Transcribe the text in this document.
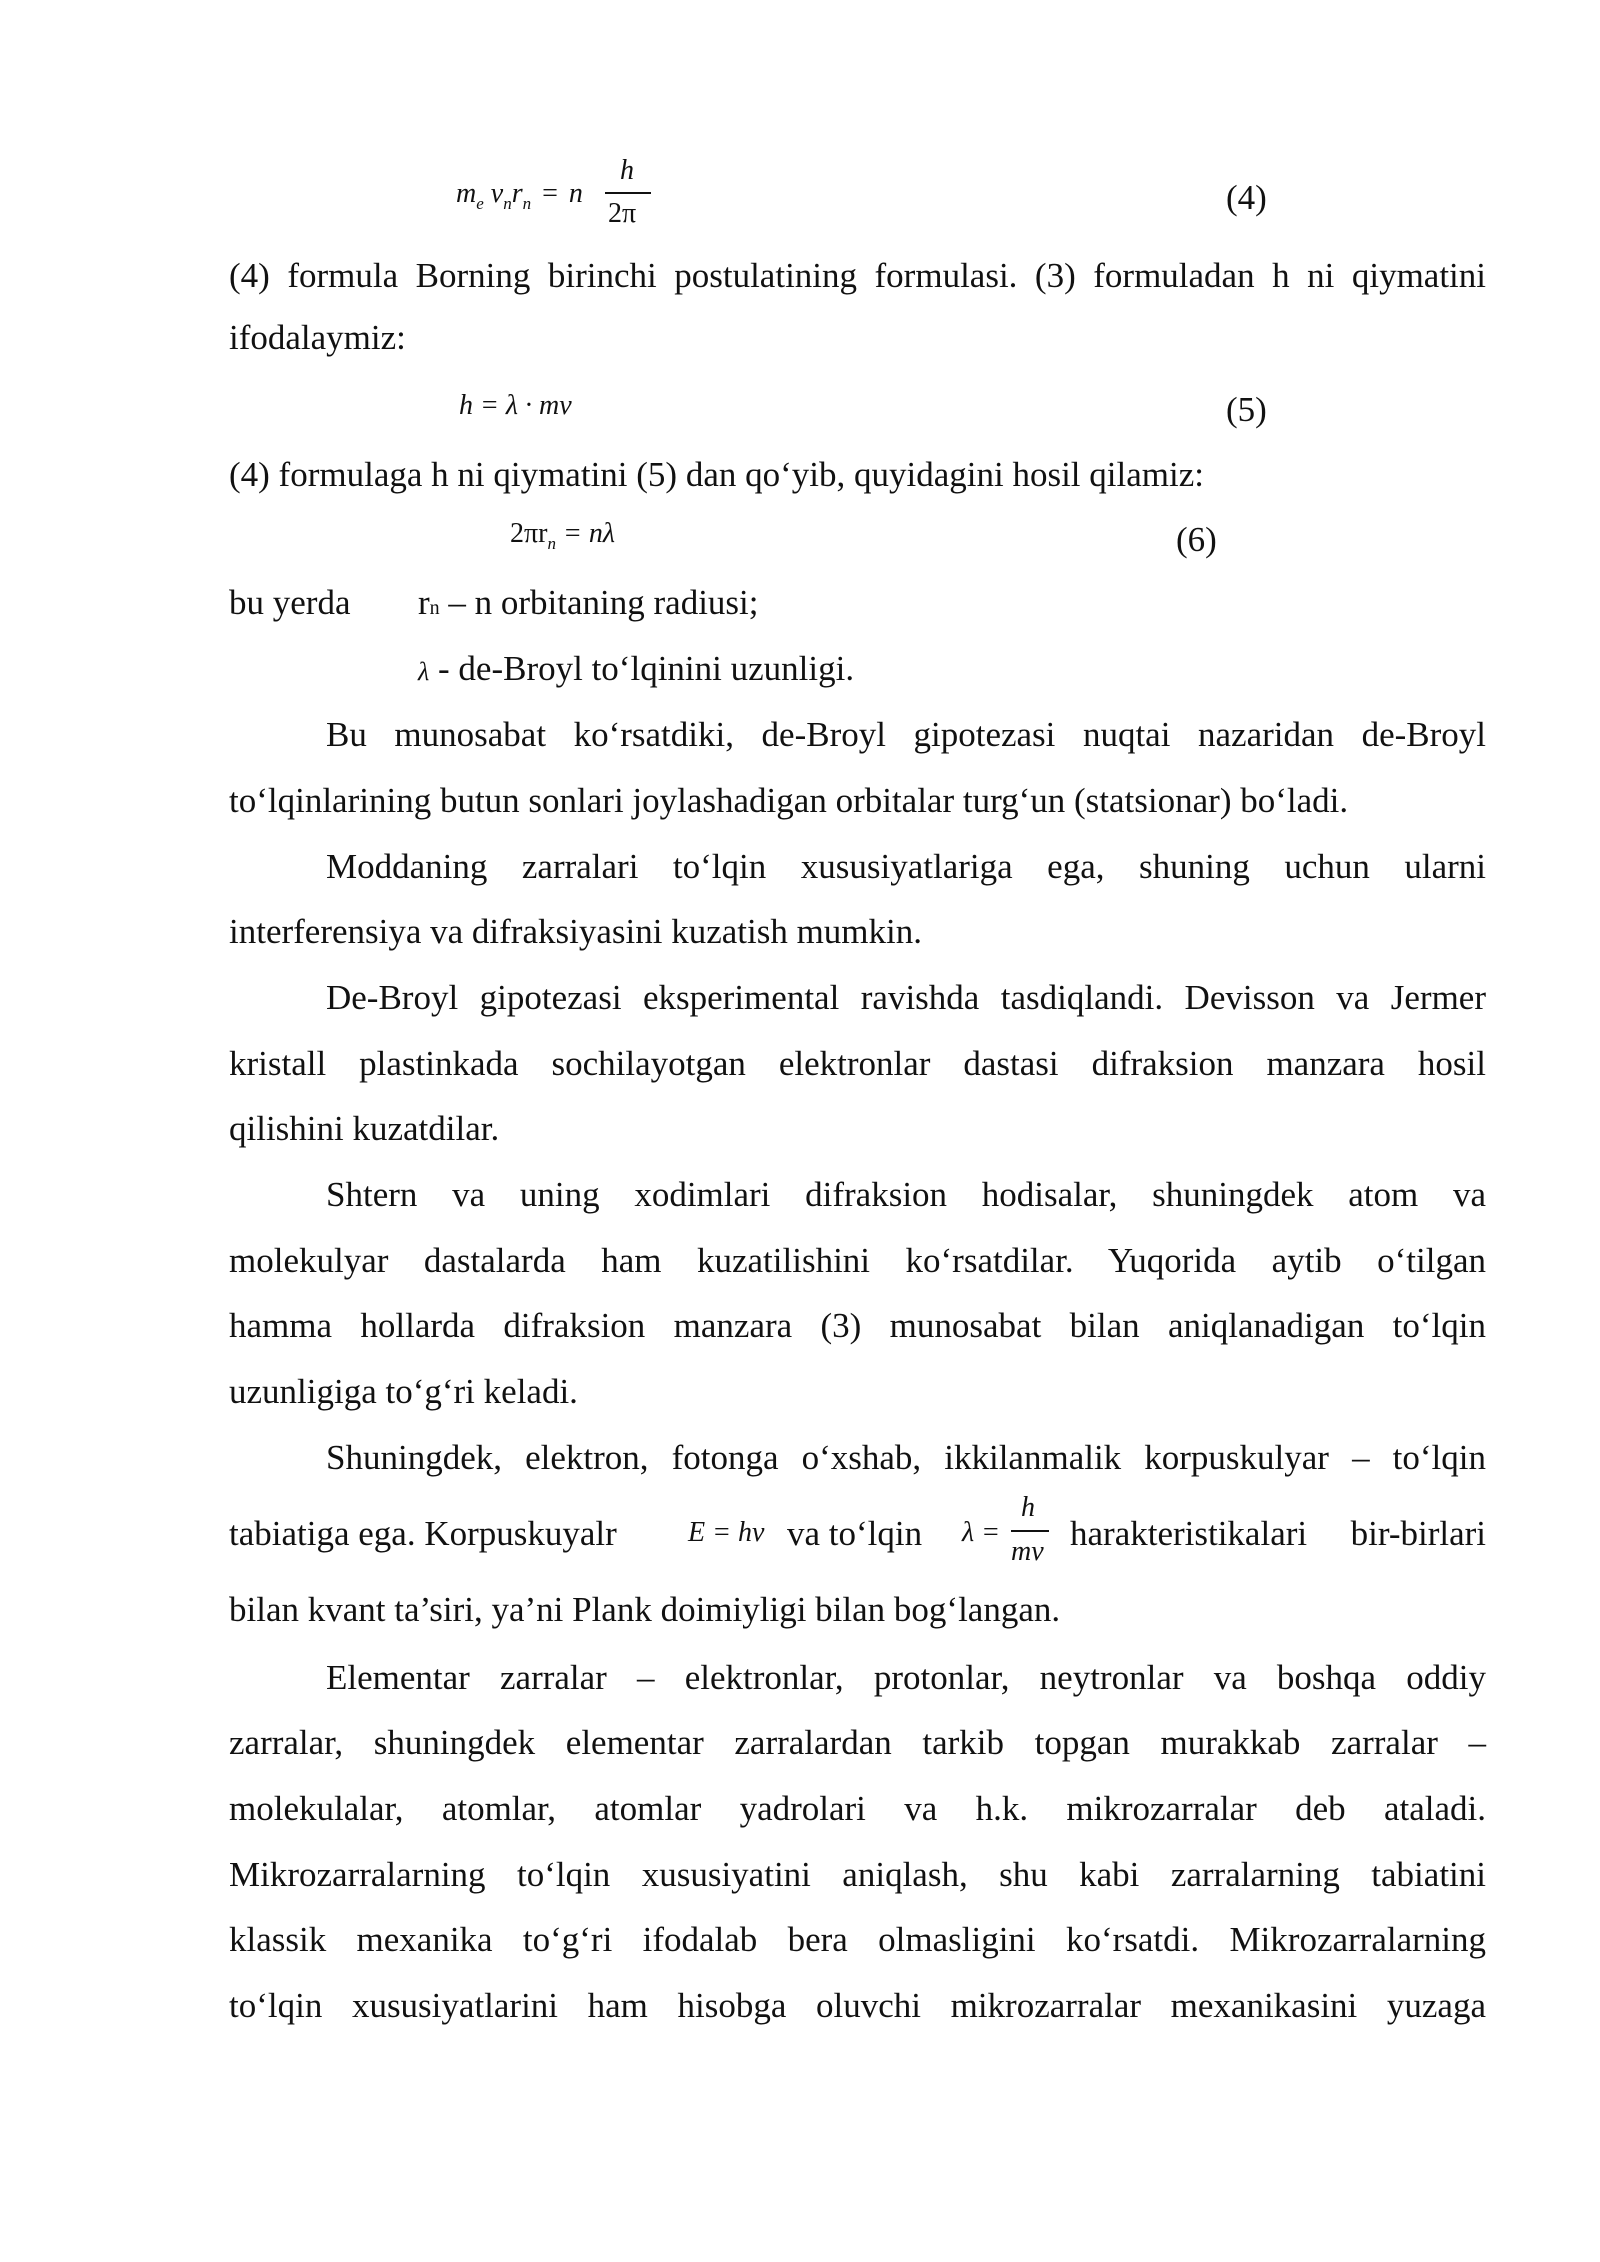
$m_e$ $v_nr_n = n$
h
2π	(4)
(4) formula Borning birinchi postulatining formulasi. (3) formuladan h ni qiymatini
ifodalaymiz:
h = λ · mv	(5)
(4) formulaga h ni qiymatini (5) dan qo‘yib, quyidagini hosil qilamiz:
$2\pi r_n = n\lambda$	(6)
bu yerda rn – n orbitaning radiusi;
λ - de-Broyl to‘lqinini uzunligi.
Bu munosabat ko‘rsatdiki, de-Broyl gipotezasi nuqtai nazaridan de-Broyl
to‘lqinlarining butun sonlari joylashadigan orbitalar turg‘un (statsionar) bo‘ladi.
Moddaning zarralari to‘lqin xususiyatlariga ega, shuning uchun ularni
interferensiya va difraksiyasini kuzatish mumkin.
De-Broyl gipotezasi eksperimental ravishda tasdiqlandi. Devisson va Jermer
kristall plastinkada sochilayotgan elektronlar dastasi difraksion manzara hosil
qilishini kuzatdilar.
Shtern va uning xodimlari difraksion hodisalar, shuningdek atom va
molekulyar dastalarda ham kuzatilishini ko‘rsatdilar. Yuqorida aytib o‘tilgan
hamma hollarda difraksion manzara (3) munosabat bilan aniqlanadigan to‘lqin
uzunligiga to‘g‘ri keladi.
Shuningdek, elektron, fotonga o‘xshab, ikkilanmalik korpuskulyar – to‘lqin
tabiatiga ega. Korpuskuyalr	E = hν va to‘lqin λ =
h
mv harakteristikalari bir-birlari
bilan kvant ta’siri, ya’ni Plank doimiyligi bilan bog‘langan.
Elementar zarralar – elektronlar, protonlar, neytronlar va boshqa oddiy
zarralar, shuningdek elementar zarralardan tarkib topgan murakkab zarralar –
molekulalar, atomlar, atomlar yadrolari va h.k. mikrozarralar deb ataladi.
Mikrozarralarning to‘lqin xususiyatini aniqlash, shu kabi zarralarning tabiatini
klassik mexanika to‘g‘ri ifodalab bera olmasligini ko‘rsatdi. Mikrozarralarning
to‘lqin xususiyatlarini ham hisobga oluvchi mikrozarralar mexanikasini yuzaga
